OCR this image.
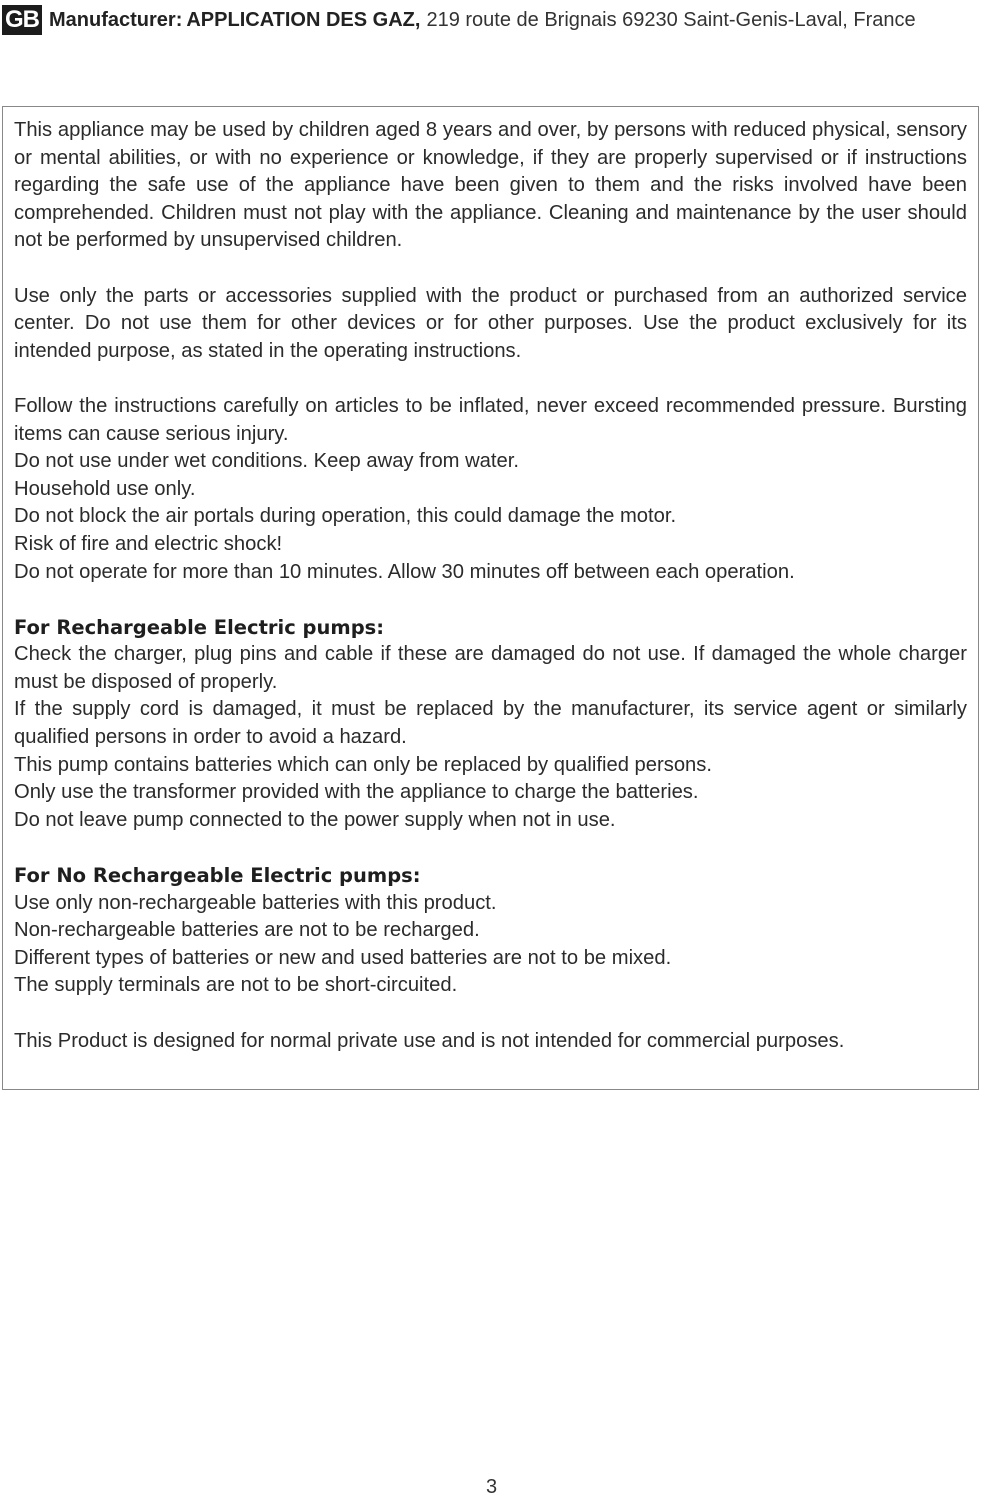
GB Manufacturer: APPLICATION DES GAZ, 219 route de Brignais 69230 Saint-Genis-Laval, France

This appliance may be used by children aged 8 years and over, by persons with reduced physical, sensory or mental abilities, or with no experience or knowledge, if they are properly supervised or if instructions regarding the safe use of the appliance have been given to them and the risks involved have been comprehended. Children must not play with the appliance. Cleaning and maintenance by the user should not be performed by unsupervised children.

Use only the parts or accessories supplied with the product or purchased from an authorized service center. Do not use them for other devices or for other purposes. Use the product exclusively for its intended purpose, as stated in the operating instructions.

Follow the instructions carefully on articles to be inflated, never exceed recommended pressure. Bursting items can cause serious injury.

Do not use under wet conditions. Keep away from water.

Household use only.

Do not block the air portals during operation, this could damage the motor.

Risk of fire and electric shock!

Do not operate for more than 10 minutes. Allow 30 minutes off between each operation.

For Rechargeable Electric pumps:

Check the charger, plug pins and cable if these are damaged do not use. If damaged the whole charger must be disposed of properly.

If the supply cord is damaged, it must be replaced by the manufacturer, its service agent or similarly qualified persons in order to avoid a hazard.

This pump contains batteries which can only be replaced by qualified persons.

Only use the transformer provided with the appliance to charge the batteries.

Do not leave pump connected to the power supply when not in use.

For No Rechargeable Electric pumps:

Use only non-rechargeable batteries with this product.

Non-rechargeable batteries are not to be recharged.

Different types of batteries or new and used batteries are not to be mixed.

The supply terminals are not to be short-circuited.

This Product is designed for normal private use and is not intended for commercial purposes.

3
